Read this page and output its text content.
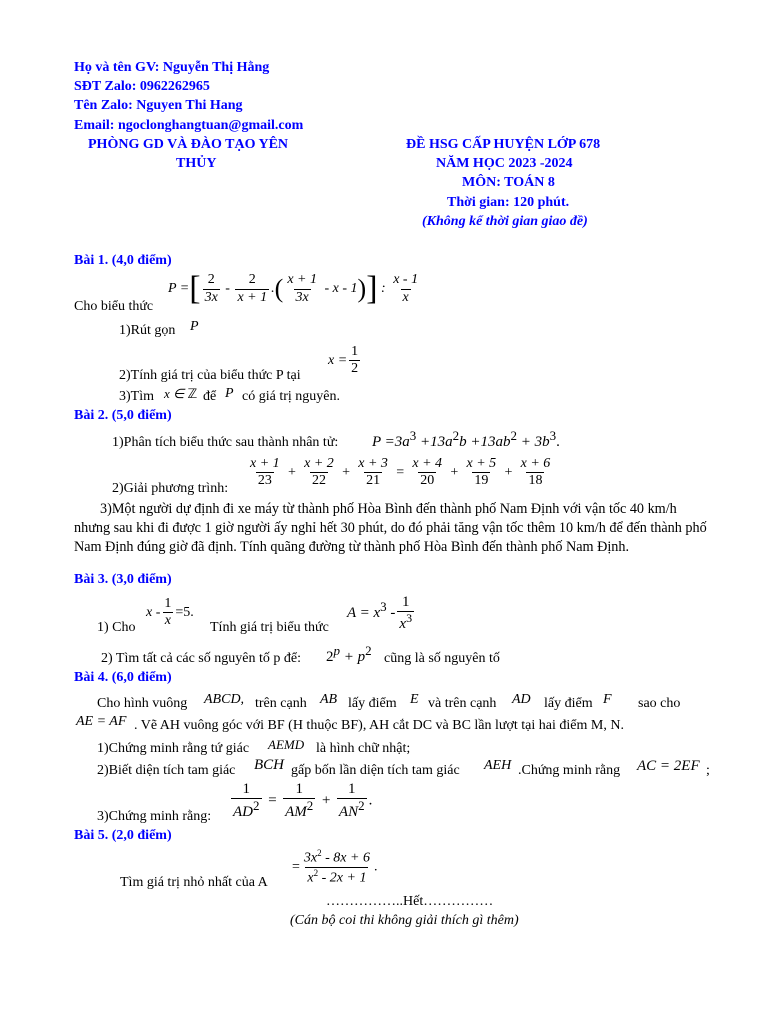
Họ và tên GV: Nguyễn Thị Hằng
SĐT Zalo: 0962262965
Tên Zalo: Nguyen Thi Hang
Email: ngoclonghangtuan@gmail.com
PHÒNG GD VÀ ĐÀO TẠO YÊN
THỦY
ĐỀ HSG CẤP HUYỆN LỚP 678
NĂM HỌC 2023 -2024
MÔN: TOÁN 8
Thời gian: 120 phút.
(Không kể thời gian giao đề)
Bài 1. (4,0 điểm)
Cho biểu thức
P =[ $\frac{2}{3x} - \frac{2}{x + 1}$ .( $\frac{x + 1}{3x}$ - x - 1)] : $\frac{x - 1}{x}$
1)Rút gọn P
2)Tính giá trị của biểu thức P tại
$x = \frac{1}{2}$
3)Tìm x ∈ ℤ để P có giá trị nguyên.
Bài 2. (5,0 điểm)
1)Phân tích biểu thức sau thành nhân tử: $P =3a^3 +13a^2b +13ab^2 + 3b^3$.
2)Giải phương trình: $\frac{x + 1}{23} + \frac{x + 2}{22} + \frac{x + 3}{21} = \frac{x + 4}{20} + \frac{x + 5}{19} + \frac{x + 6}{18}$
3)Một người dự định đi xe máy từ thành phố Hòa Bình đến thành phố Nam Định với vận tốc 40 km/h nhưng sau khi đi được 1 giờ người ấy nghỉ hết 30 phút, do đó phải tăng vận tốc thêm 10 km/h để đến thành phố Nam Định đúng giờ đã định. Tính quãng đường từ thành phố Hòa Bình đến thành phố Nam Định.
Bài 3. (3,0 điểm)
1) Cho
$x - \frac{1}{x} =5$.
Tính giá trị biểu thức
$A = x^3 - \frac{1}{x^3}$
2) Tìm tất cả các số nguyên tố p để: $2^p + p^2$
cũng là số nguyên tố
Bài 4. (6,0 điểm)
Cho hình vuông ABCD, trên cạnh AB lấy điểm E và trên cạnh AD lấy điểm F sao cho
AE = AF . Vẽ AH vuông góc với BF (H thuộc BF), AH cắt DC và BC lần lượt tại hai điểm M, N.
1)Chứng minh rằng tứ giác AEMD là hình chữ nhật;
2)Biết diện tích tam giác BCH gấp bốn lần diện tích tam giác AEH .Chứng minh rằng AC = 2EF ;
3)Chứng minh rằng: $\frac{1}{AD^2} = \frac{1}{AM^2} + \frac{1}{AN^2}$ .
Bài 5. (2,0 điểm)
Tìm giá trị nhỏ nhất của A
= $\frac{3x^2 - 8x + 6}{x^2 - 2x + 1}$ .
……………..Hết……………
(Cán bộ coi thi không giải thích gì thêm)
